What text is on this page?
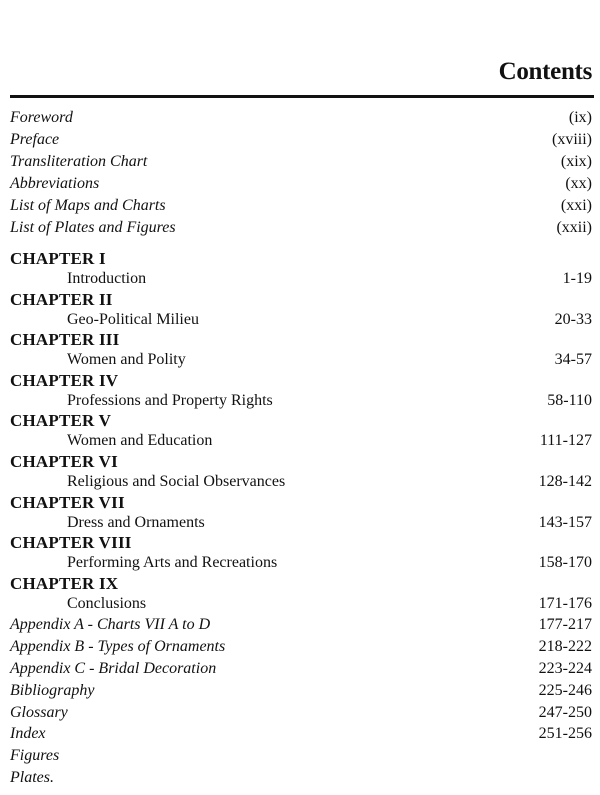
Contents
Foreword	(ix)
Preface	(xviii)
Transliteration Chart	(xix)
Abbreviations	(xx)
List of Maps and Charts	(xxi)
List of Plates and Figures	(xxii)
CHAPTER I
Introduction	1-19
CHAPTER II
Geo-Political Milieu	20-33
CHAPTER III
Women and Polity	34-57
CHAPTER IV
Professions and Property Rights	58-110
CHAPTER V
Women and Education	111-127
CHAPTER VI
Religious and Social Observances	128-142
CHAPTER VII
Dress and Ornaments	143-157
CHAPTER VIII
Performing Arts and Recreations	158-170
CHAPTER IX
Conclusions	171-176
Appendix A - Charts VII A to D	177-217
Appendix B - Types of Ornaments	218-222
Appendix C - Bridal Decoration	223-224
Bibliography	225-246
Glossary	247-250
Index	251-256
Figures
Plates.
